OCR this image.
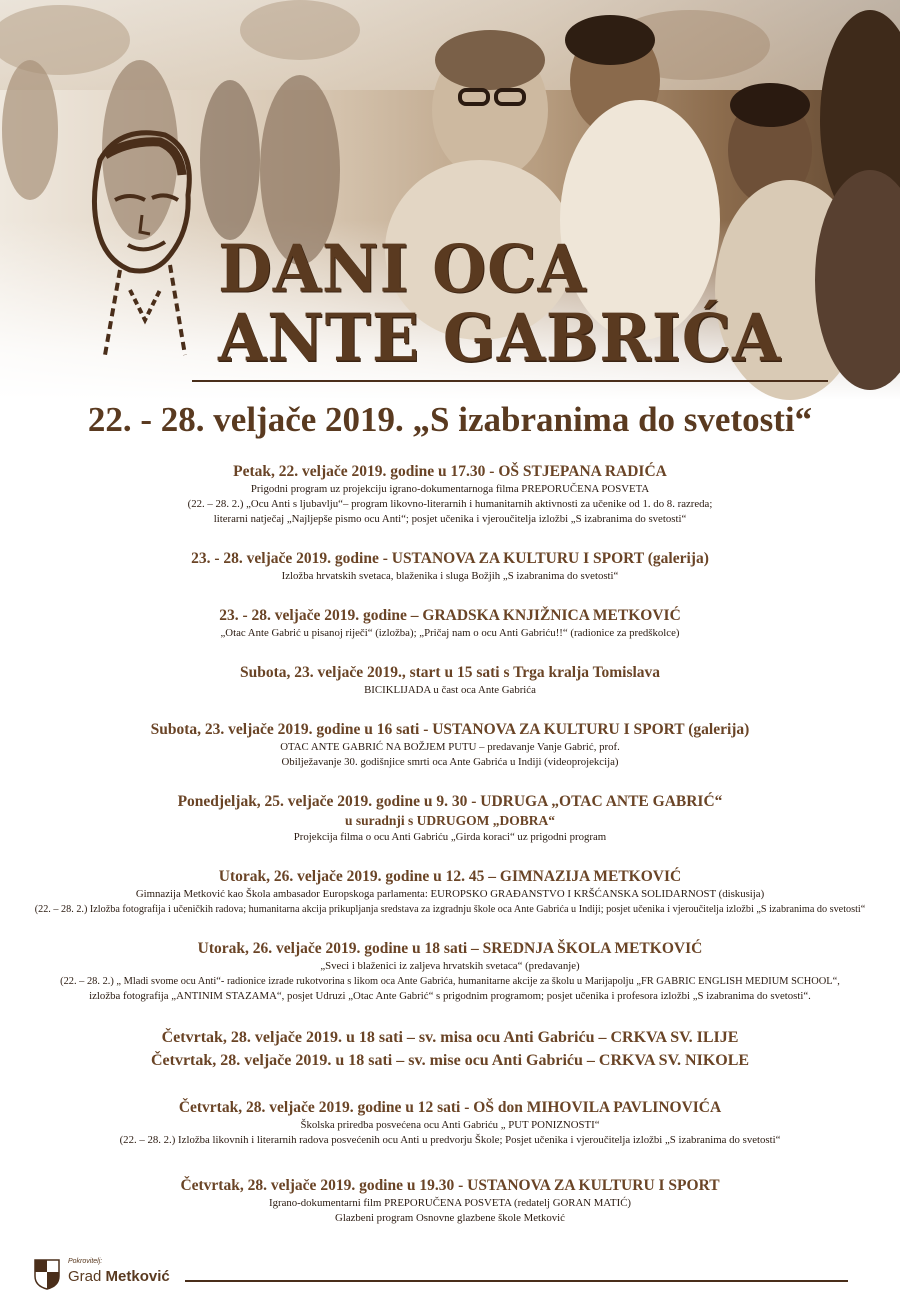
DANI OCA
ANTE GABRIĆA
22. - 28. veljače 2019. „S izabranima do svetosti“
Petak, 22. veljače 2019. godine u 17.30 - OŠ STJEPANA RADIĆA
Prigodni program uz projekciju igrano-dokumentarnoga filma PREPORUČENA POSVETA
(22. – 28. 2.) „Ocu Anti s ljubavlju“– program likovno-literarnih i humanitarnih aktivnosti za učenike od 1. do 8. razreda;
literarni natječaj „Najljepše pismo ocu Anti“; posjet učenika i vjeroučitelja izložbi „S izabranima do svetosti“
23. - 28. veljače 2019. godine - USTANOVA ZA KULTURU I SPORT (galerija)
Izložba hrvatskih svetaca, blaženika i sluga Božjih „S izabranima do svetosti“
23. - 28. veljače 2019. godine – GRADSKA KNJIŽNICA METKOVIĆ
„Otac Ante Gabrić u pisanoj riječi“ (izložba); „Pričaj nam o ocu Anti Gabriću!!“ (radionice za predškolce)
Subota, 23. veljače 2019., start u 15 sati s Trga kralja Tomislava
BICIKLIJADA u čast oca Ante Gabrića
Subota, 23. veljače 2019. godine u 16 sati - USTANOVA ZA KULTURU I SPORT (galerija)
OTAC ANTE GABRIĆ NA BOŽJEM PUTU – predavanje Vanje Gabrić, prof.
Obilježavanje 30. godišnjice smrti oca Ante Gabrića u Indiji (videoprojekcija)
Ponedjeljak, 25. veljače 2019. godine u 9. 30 - UDRUGA „OTAC ANTE GABRIĆ“
u suradnji s UDRUGOM „DOBRA“
Projekcija filma o ocu Anti Gabriću „Girda koraci“ uz prigodni program
Utorak, 26. veljače 2019. godine u 12. 45 – GIMNAZIJA METKOVIĆ
Gimnazija Metković kao Škola ambasador Europskoga parlamenta: EUROPSKO GRAĐANSTVO I KRŠĆANSKA SOLIDARNOST (diskusija)
(22. – 28. 2.) Izložba fotografija i učeničkih radova; humanitarna akcija prikupljanja sredstava za izgradnju škole oca Ante Gabrića u Indiji; posjet učenika i vjeroučitelja izložbi „S izabranima do svetosti“
Utorak, 26. veljače 2019. godine u 18 sati – SREDNJA ŠKOLA METKOVIĆ
„Sveci i blaženici iz zaljeva hrvatskih svetaca“ (predavanje)
(22. – 28. 2.) „ Mladi svome ocu Anti“- radionice izrade rukotvorina s likom oca Ante Gabrića, humanitarne akcije za školu u Marijapolju „FR GABRIC ENGLISH MEDIUM SCHOOL“,
izložba fotografija „ANTINIM STAZAMA“, posjet Udruzi „Otac Ante Gabrić“ s prigodnim programom; posjet učenika i profesora izložbi „S izabranima do svetosti“.
Četvrtak, 28. veljače 2019. u 18 sati – sv. misa ocu Anti Gabriću – CRKVA SV. ILIJE
Četvrtak, 28. veljače 2019. u 18 sati – sv. mise ocu Anti Gabriću – CRKVA SV. NIKOLE
Četvrtak, 28. veljače 2019. godine u 12 sati - OŠ don MIHOVILA PAVLINOVIĆA
Školska priredba posvećena ocu Anti Gabriću „ PUT PONIZNOSTI“
(22. – 28. 2.) Izložba likovnih i literarnih radova posvećenih ocu Anti u predvorju Škole; Posjet učenika i vjeroučitelja izložbi „S izabranima do svetosti“
Četvrtak, 28. veljače 2019. godine u 19.30 - USTANOVA ZA KULTURU I SPORT
Igrano-dokumentarni film PREPORUČENA POSVETA (redatelj GORAN MATIĆ)
Glazbeni program Osnovne glazbene škole Metković
Pokrovitelj:
Grad Metković
